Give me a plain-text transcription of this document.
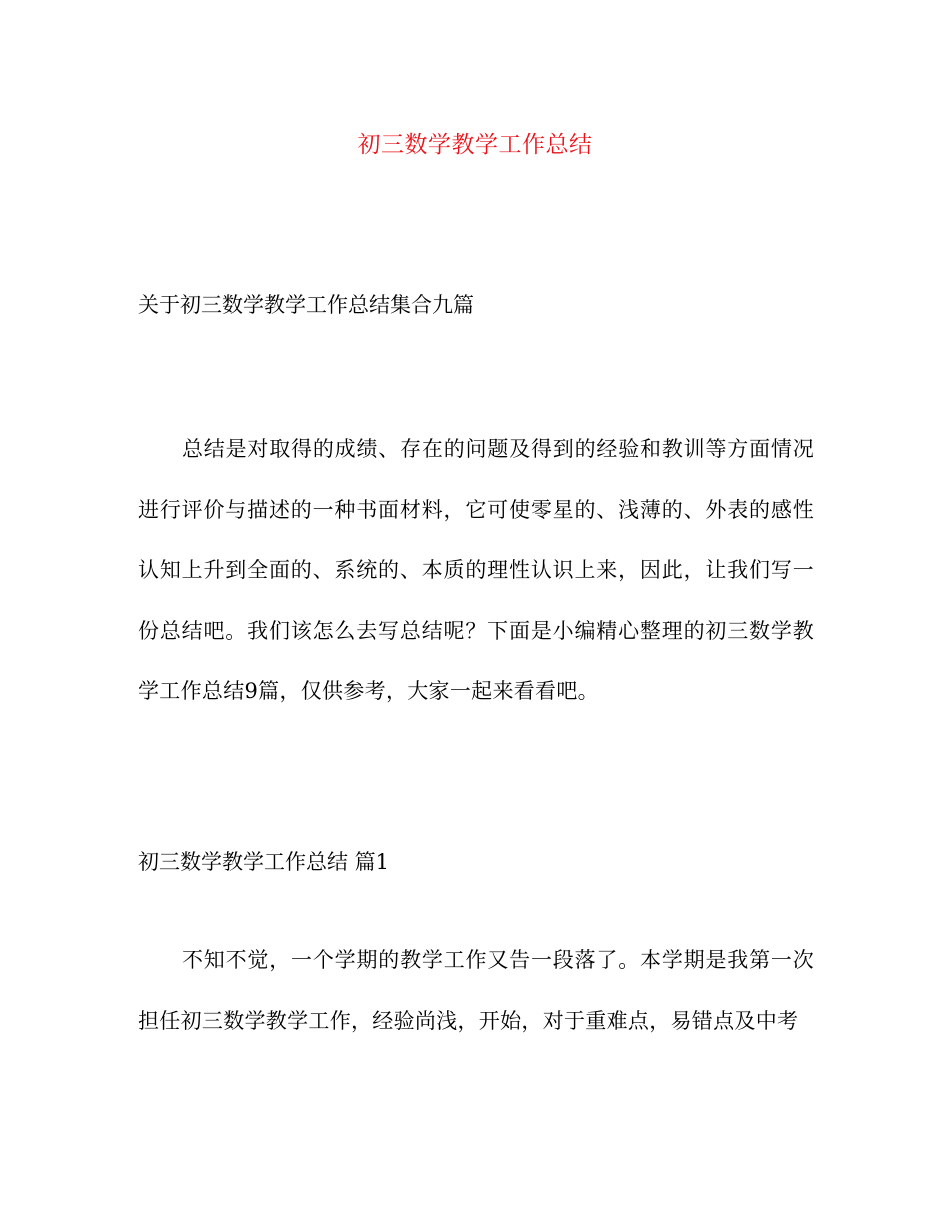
初三数学教学工作总结
关于初三数学教学工作总结集合九篇

总结是对取得的成绩、存在的问题及得到的经验和教训等方面情况进行评价与描述的一种书面材料，它可使零星的、浅薄的、外表的感性认知上升到全面的、系统的、本质的理性认识上来，因此，让我们写一份总结吧。我们该怎么去写总结呢？下面是小编精心整理的初三数学教学工作总结9篇，仅供参考，大家一起来看看吧。

初三数学教学工作总结 篇1

不知不觉，一个学期的教学工作又告一段落了。本学期是我第一次担任初三数学教学工作，经验尚浅，开始，对于重难点，易错点及中考
